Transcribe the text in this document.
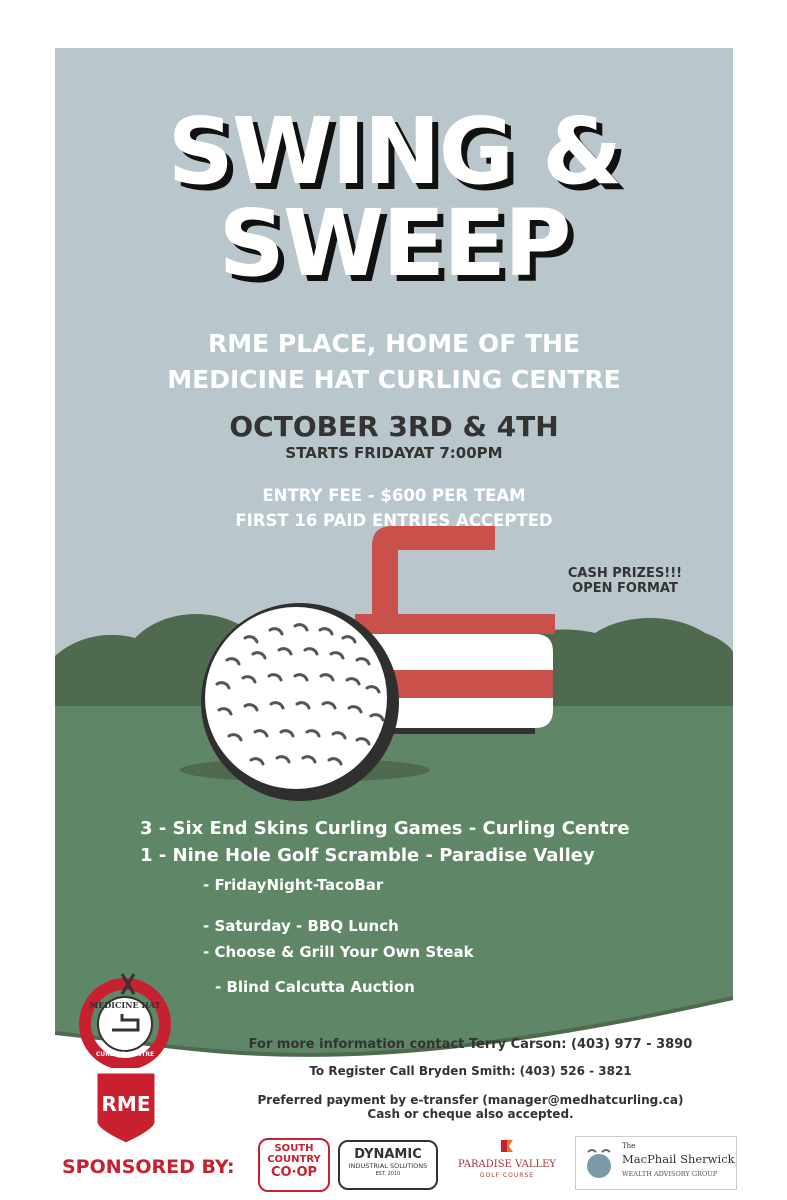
SWING &
SWEEP
RME PLACE, HOME OF THE
MEDICINE HAT CURLING CENTRE
OCTOBER 3RD & 4TH
STARTS FRIDAYAT 7:00PM
ENTRY FEE - $600 PER TEAM
FIRST 16 PAID ENTRIES ACCEPTED
CASH PRIZES!!!
OPEN FORMAT
3 - Six End Skins Curling Games - Curling Centre
1 - Nine Hole Golf Scramble - Paradise Valley
- FridayNight-TacoBar
- Saturday - BBQ Lunch
- Choose & Grill Your Own Steak
- Blind Calcutta Auction
MEDICINE HAT
CURLING CENTRE
RME
For more information contact Terry Carson: (403) 977 - 3890
To Register Call Bryden Smith: (403) 526 - 3821
Preferred payment by e-transfer (manager@medhatcurling.ca)
Cash or cheque also accepted.
SPONSORED BY:
SOUTH
COUNTRY
CO·OP
DYNAMIC
INDUSTRIAL SOLUTIONS
EST. 2010
PARADISE VALLEY
GOLF COURSE
The
MacPhail Sherwick
WEALTH ADVISORY GROUP
